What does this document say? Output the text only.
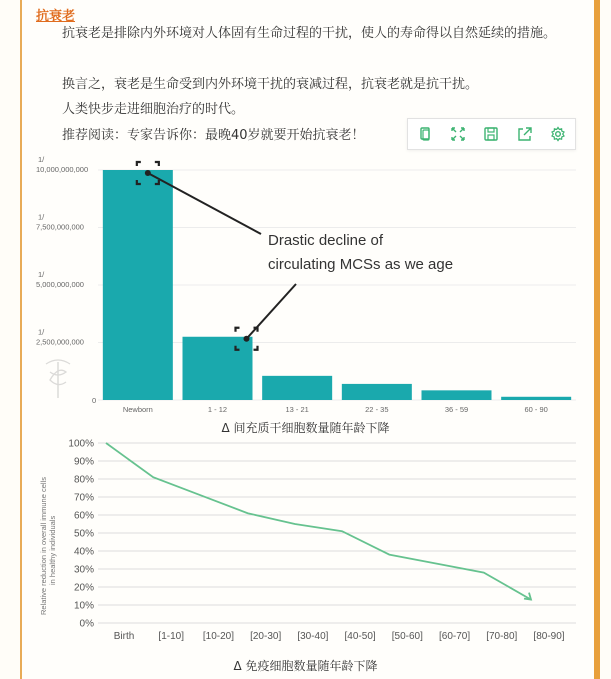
抗衰老
抗衰老是排除内外环境对人体固有生命过程的干扰，使人的寿命得以自然延续的措施。
换言之，衰老是生命受到内外环境干扰的衰减过程，抗衰老就是抗干扰。
人类快步走进细胞治疗的时代。
推荐阅读：专家告诉你：最晚40岁就要开始抗衰老！
1/
10,000,000,000
1/
7,500,000,000
1/
5,000,000,000
1/
2,500,000,000
0
Newborn	1 - 12	13 - 21	22 - 35	36 - 59	60 - 90
Drastic decline of
circulating MCSs as we age
Δ 间充质干细胞数量随年龄下降
100%
90%
80%
70%
60%
50%
40%
30%
20%
10%
0%
Birth [1-10] [10-20] [20-30] [30-40] [40-50] [50-60] [60-70] [70-80] [80-90]
Relative reduction in overall immune cells in healthy individuals
Δ 免疫细胞数量随年龄下降
